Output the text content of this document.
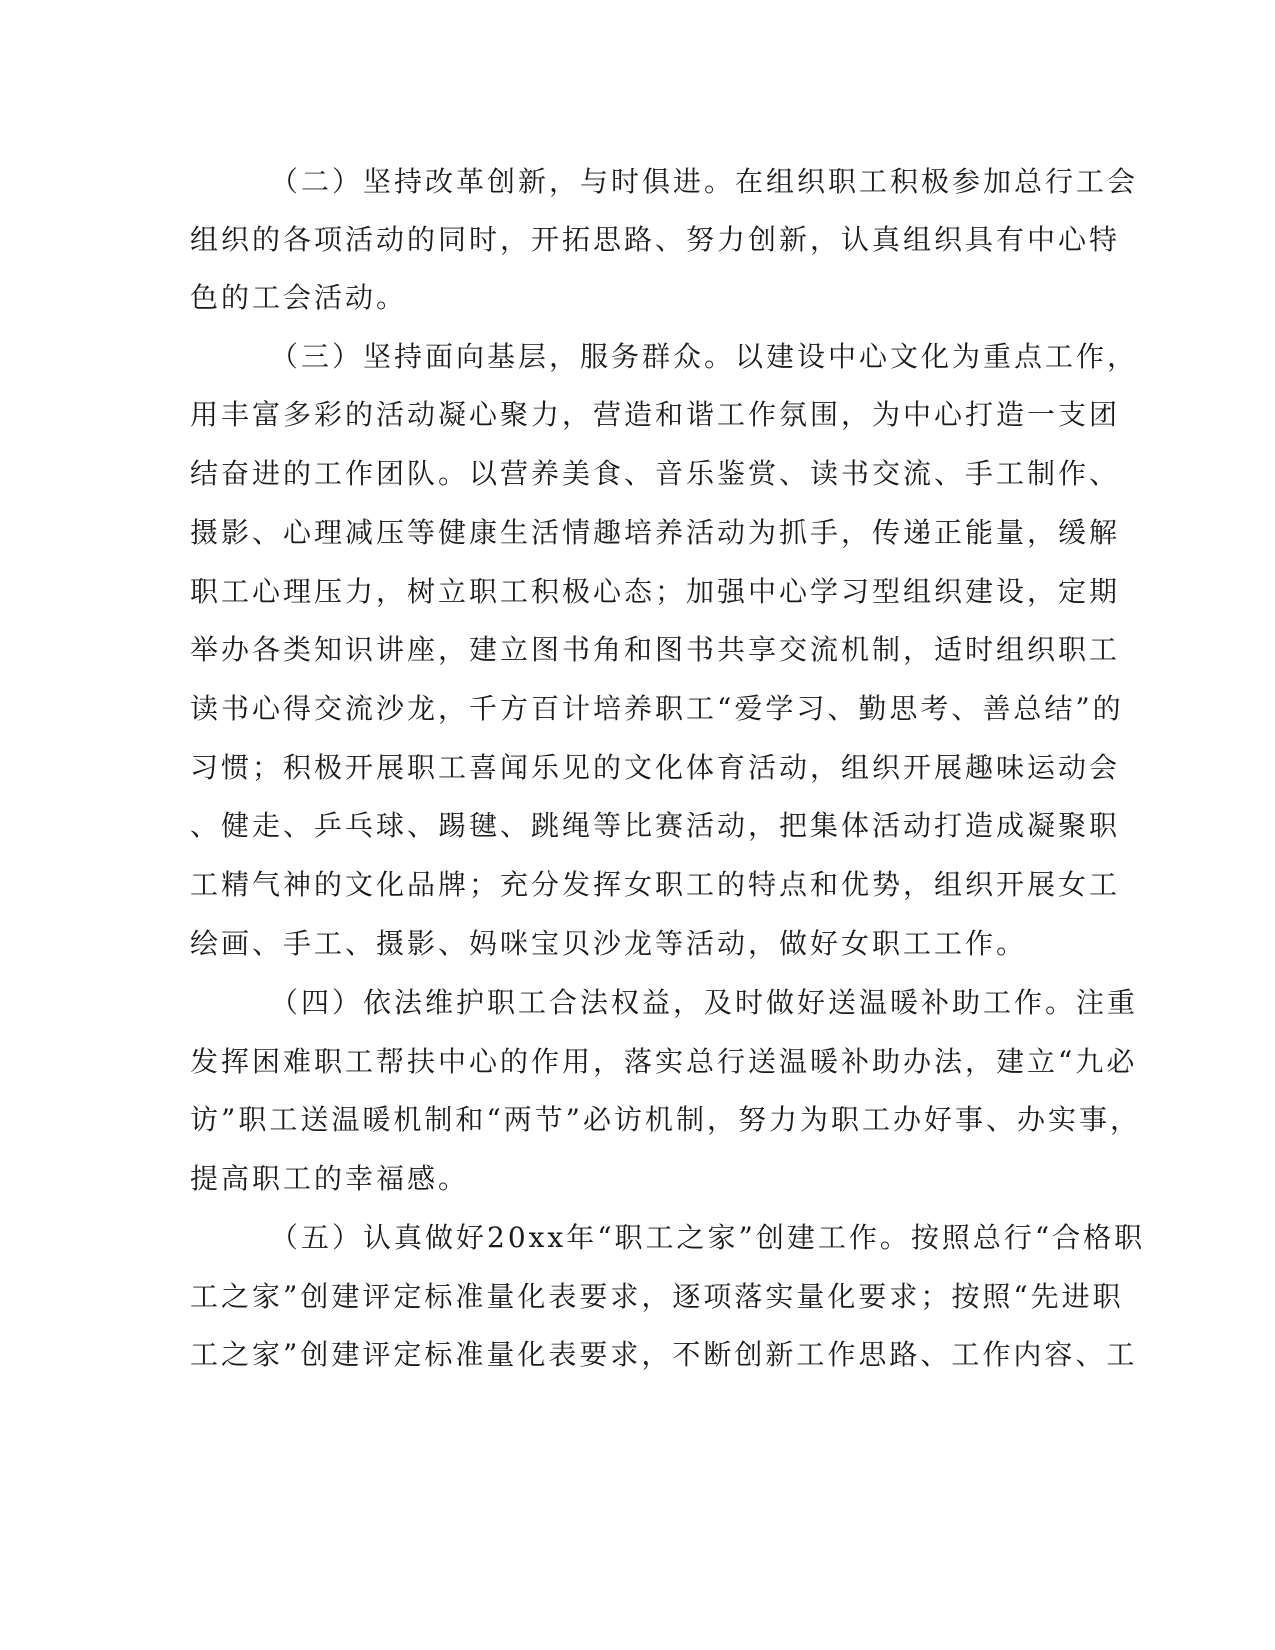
（二）坚持改革创新，与时俱进。在组织职工积极参加总行工会
组织的各项活动的同时，开拓思路、努力创新，认真组织具有中心特
色的工会活动。
（三）坚持面向基层，服务群众。以建设中心文化为重点工作，
用丰富多彩的活动凝心聚力，营造和谐工作氛围，为中心打造一支团
结奋进的工作团队。以营养美食、音乐鉴赏、读书交流、手工制作、
摄影、心理减压等健康生活情趣培养活动为抓手，传递正能量，缓解
职工心理压力，树立职工积极心态；加强中心学习型组织建设，定期
举办各类知识讲座，建立图书角和图书共享交流机制，适时组织职工
读书心得交流沙龙，千方百计培养职工“爱学习、勤思考、善总结”的
习惯；积极开展职工喜闻乐见的文化体育活动，组织开展趣味运动会
、健走、乒乓球、踢毽、跳绳等比赛活动，把集体活动打造成凝聚职
工精气神的文化品牌；充分发挥女职工的特点和优势，组织开展女工
绘画、手工、摄影、妈咪宝贝沙龙等活动，做好女职工工作。
（四）依法维护职工合法权益，及时做好送温暖补助工作。注重
发挥困难职工帮扶中心的作用，落实总行送温暖补助办法，建立“九必
访”职工送温暖机制和“两节”必访机制，努力为职工办好事、办实事，
提高职工的幸福感。
（五）认真做好20xx年“职工之家”创建工作。按照总行“合格职
工之家”创建评定标准量化表要求，逐项落实量化要求；按照“先进职
工之家”创建评定标准量化表要求，不断创新工作思路、工作内容、工
